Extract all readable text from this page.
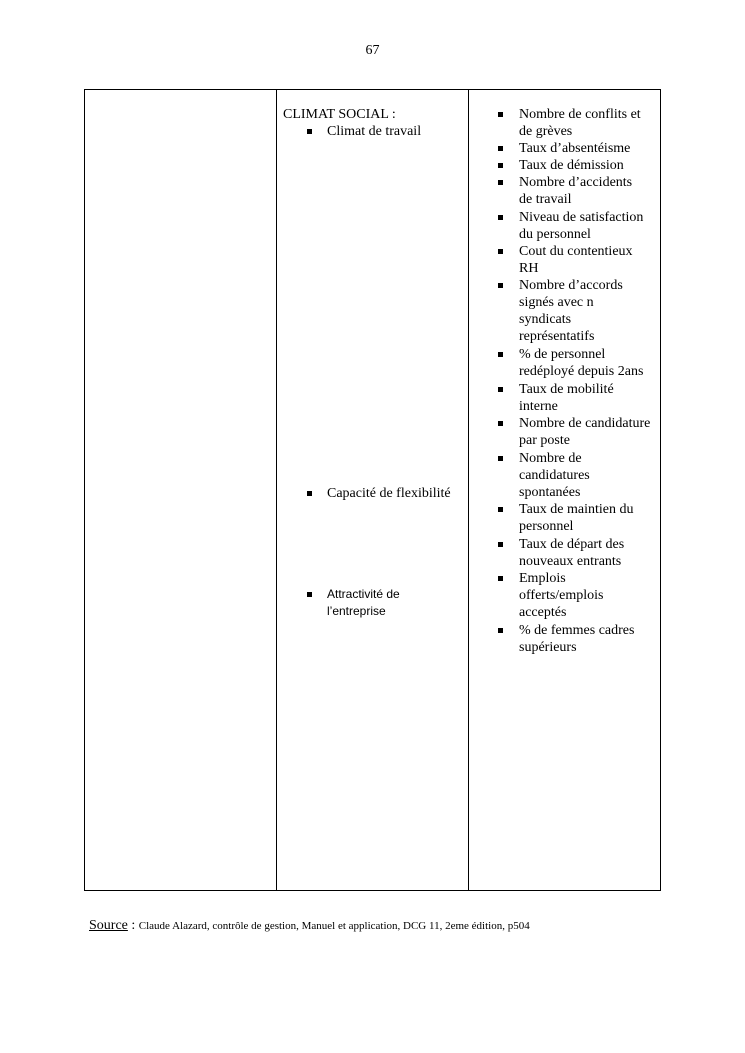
67
CLIMAT SOCIAL :
Climat de travail
Capacité de flexibilité
Attractivité de l’entreprise
Nombre de conflits et de grèves
Taux d’absentéisme
Taux de démission
Nombre d’accidents de travail
Niveau de satisfaction du personnel
Cout du contentieux RH
Nombre d’accords signés avec n syndicats représentatifs
% de personnel redéployé depuis 2ans
Taux de mobilité interne
Nombre de candidature par poste
Nombre de candidatures spontanées
Taux de maintien du personnel
Taux de départ des nouveaux entrants
Emplois offerts/emplois acceptés
% de femmes cadres supérieurs
Source : Claude Alazard, contrôle de gestion, Manuel et application, DCG 11, 2eme édition, p504
